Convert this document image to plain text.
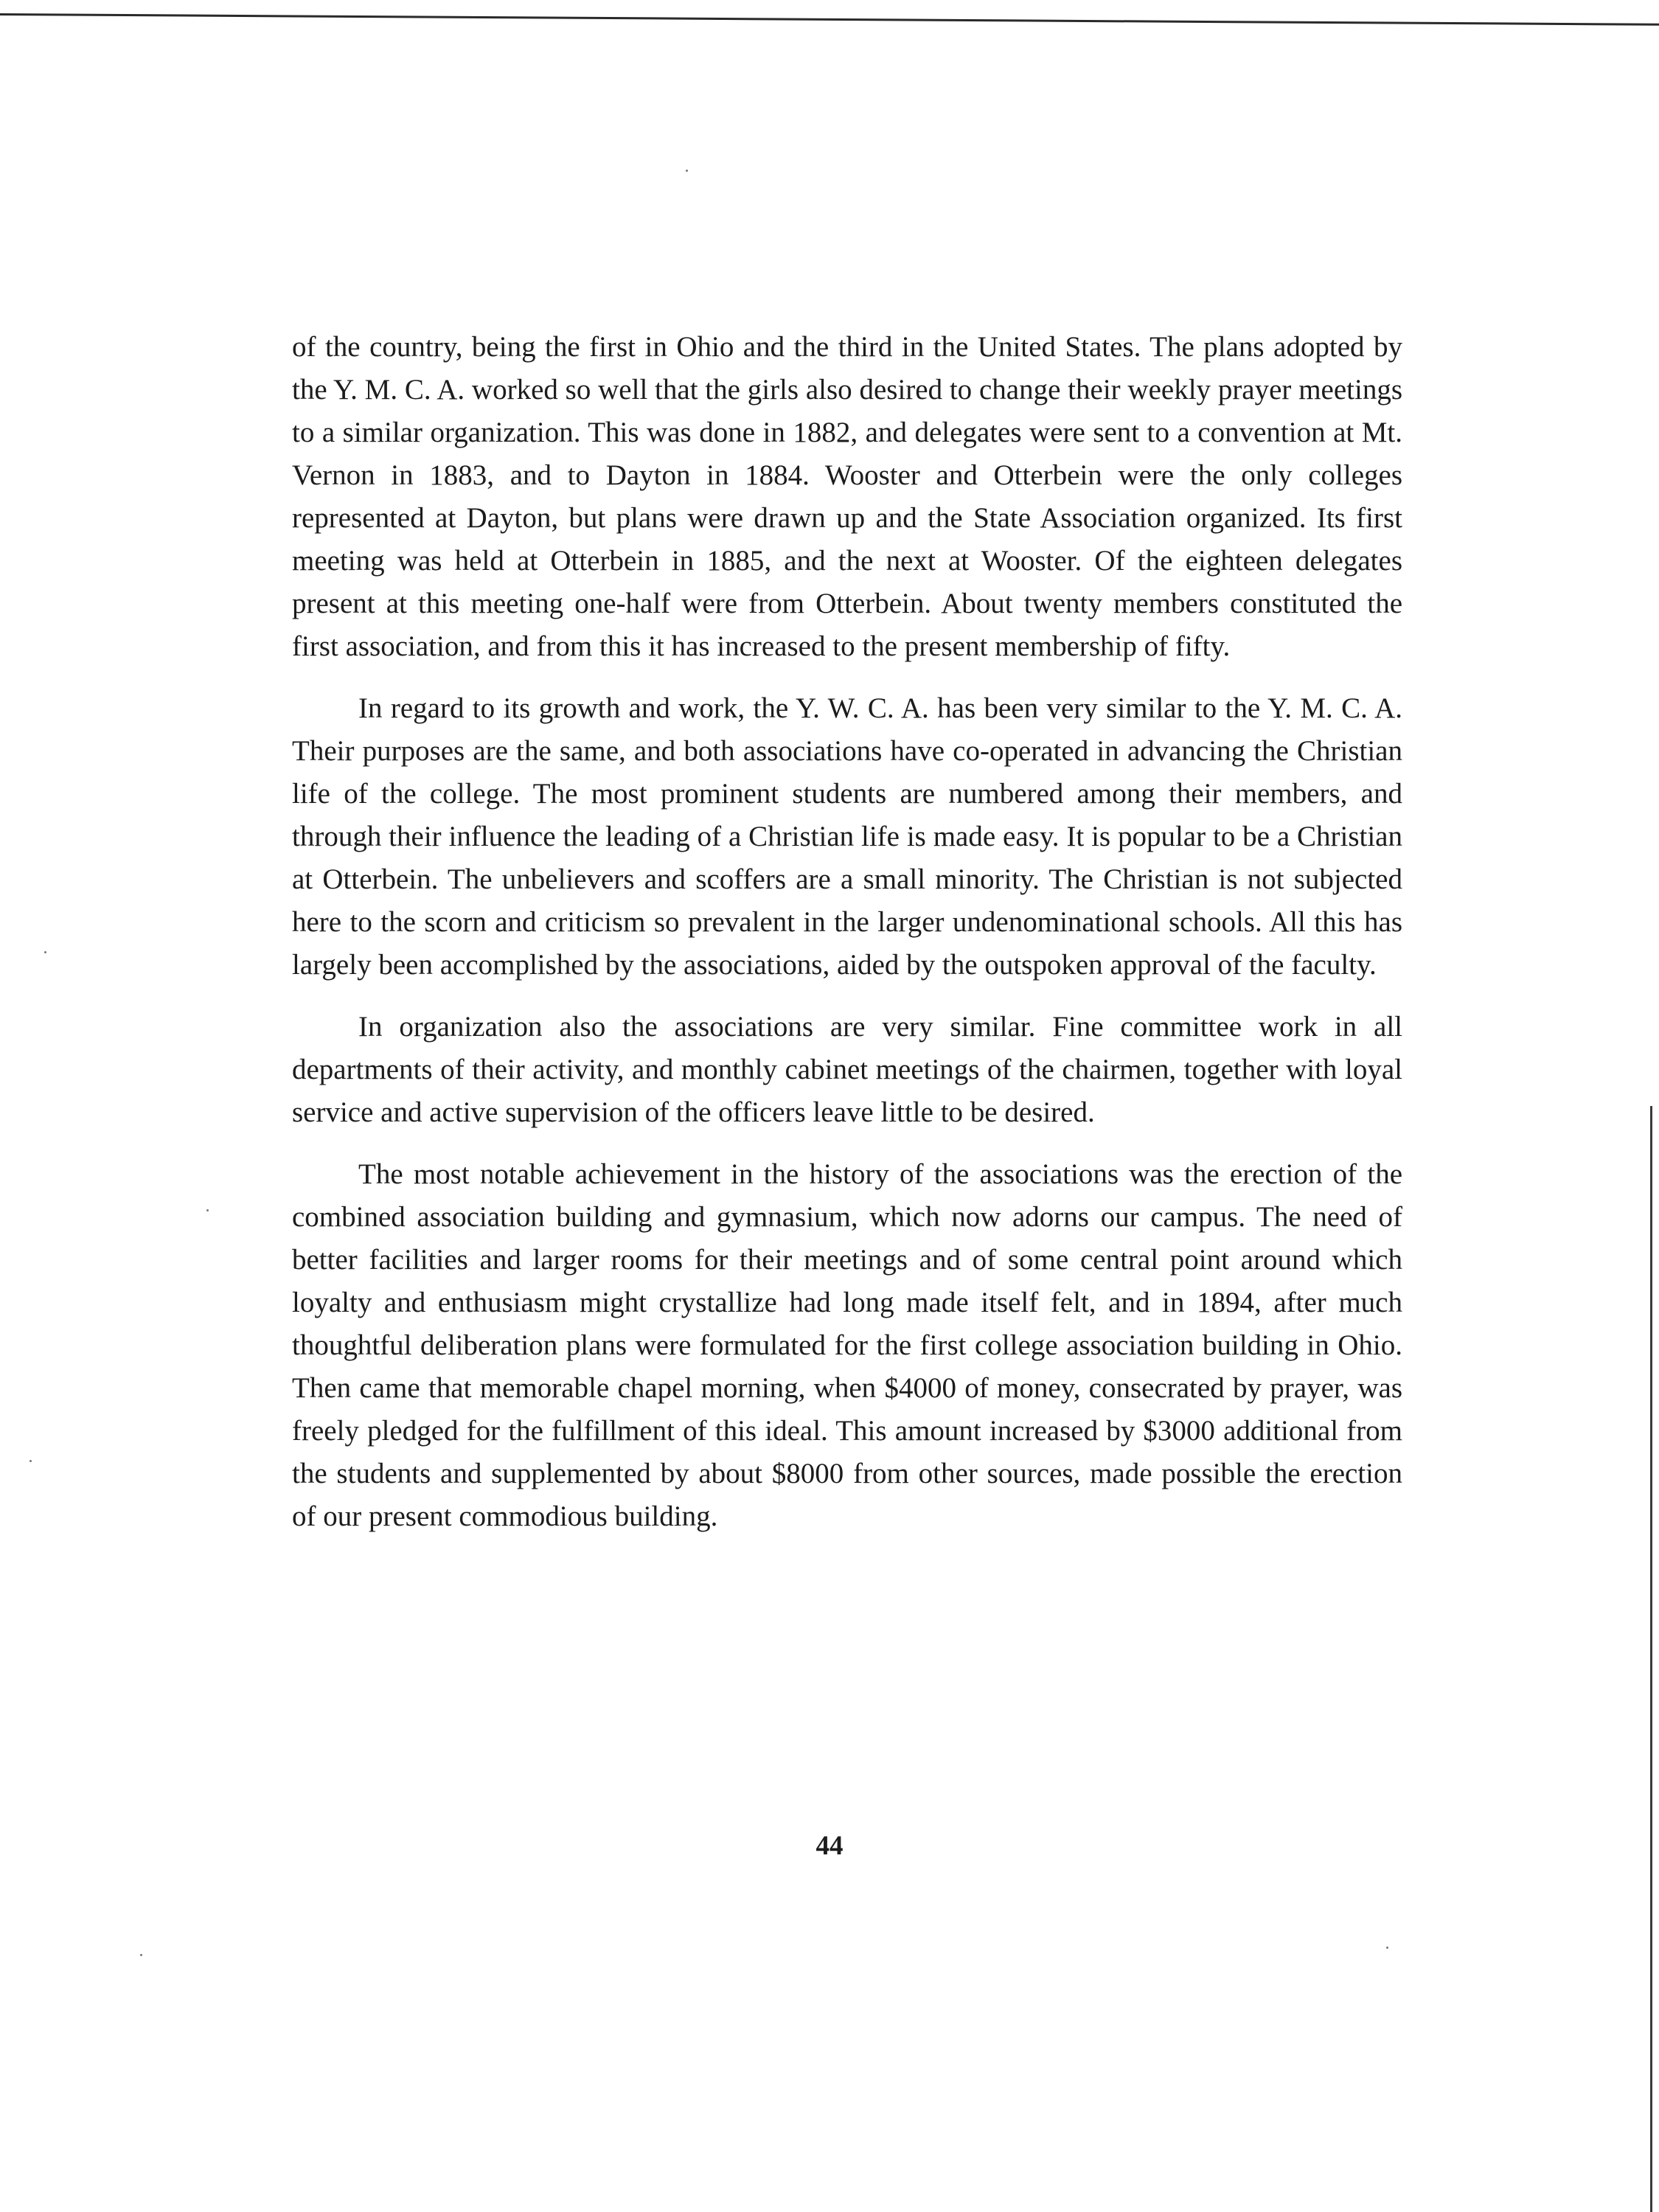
of the country, being the first in Ohio and the third in the United States. The plans adopted by the Y. M. C. A. worked so well that the girls also desired to change their weekly prayer meetings to a similar organization. This was done in 1882, and delegates were sent to a convention at Mt. Vernon in 1883, and to Dayton in 1884. Wooster and Otterbein were the only colleges represented at Dayton, but plans were drawn up and the State Association organized. Its first meeting was held at Otterbein in 1885, and the next at Wooster. Of the eighteen delegates present at this meeting one-half were from Otterbein. About twenty members constituted the first association, and from this it has increased to the present membership of fifty.

In regard to its growth and work, the Y. W. C. A. has been very similar to the Y. M. C. A. Their purposes are the same, and both associations have co-operated in advancing the Christian life of the college. The most prominent students are numbered among their members, and through their influence the leading of a Christian life is made easy. It is popular to be a Christian at Otterbein. The unbelievers and scoffers are a small minority. The Christian is not subjected here to the scorn and criticism so prevalent in the larger undenominational schools. All this has largely been accomplished by the associations, aided by the outspoken approval of the faculty.

In organization also the associations are very similar. Fine committee work in all departments of their activity, and monthly cabinet meetings of the chairmen, together with loyal service and active supervision of the officers leave little to be desired.

The most notable achievement in the history of the associations was the erection of the combined association building and gymnasium, which now adorns our campus. The need of better facilities and larger rooms for their meetings and of some central point around which loyalty and enthusiasm might crystallize had long made itself felt, and in 1894, after much thoughtful deliberation plans were formulated for the first college association building in Ohio. Then came that memorable chapel morning, when $4000 of money, consecrated by prayer, was freely pledged for the fulfillment of this ideal. This amount increased by $3000 additional from the students and supplemented by about $8000 from other sources, made possible the erection of our present commodious building.

44
